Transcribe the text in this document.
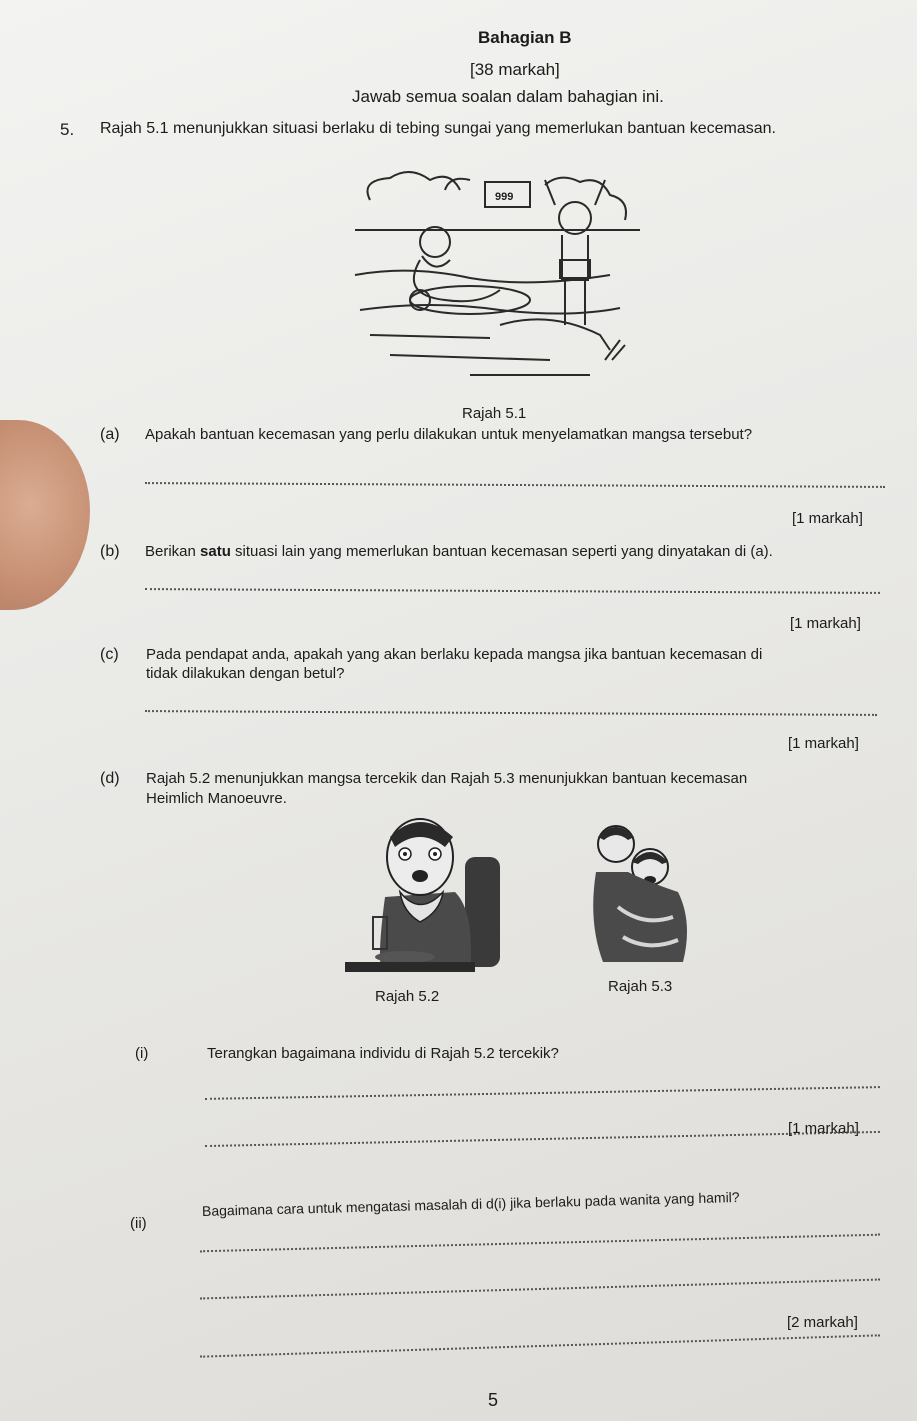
Bahagian B
[38 markah]
Jawab semua soalan dalam bahagian ini.
5. Rajah 5.1 menunjukkan situasi berlaku di tebing sungai yang memerlukan bantuan kecemasan.
999
Rajah 5.1
(a) Apakah bantuan kecemasan yang perlu dilakukan untuk menyelamatkan mangsa tersebut?
[1 markah]
(b) Berikan satu situasi lain yang memerlukan bantuan kecemasan seperti yang dinyatakan di (a).
[1 markah]
(c) Pada pendapat anda, apakah yang akan berlaku kepada mangsa jika bantuan kecemasan di
tidak dilakukan dengan betul?
[1 markah]
(d) Rajah 5.2 menunjukkan mangsa tercekik dan Rajah 5.3 menunjukkan bantuan kecemasan
Heimlich Manoeuvre.
Rajah 5.2
Rajah 5.3
(i)	Terangkan bagaimana individu di Rajah 5.2 tercekik?
[1 markah]
(ii)
Bagaimana cara untuk mengatasi masalah di d(i) jika berlaku pada wanita yang hamil?
[2 markah]
5
